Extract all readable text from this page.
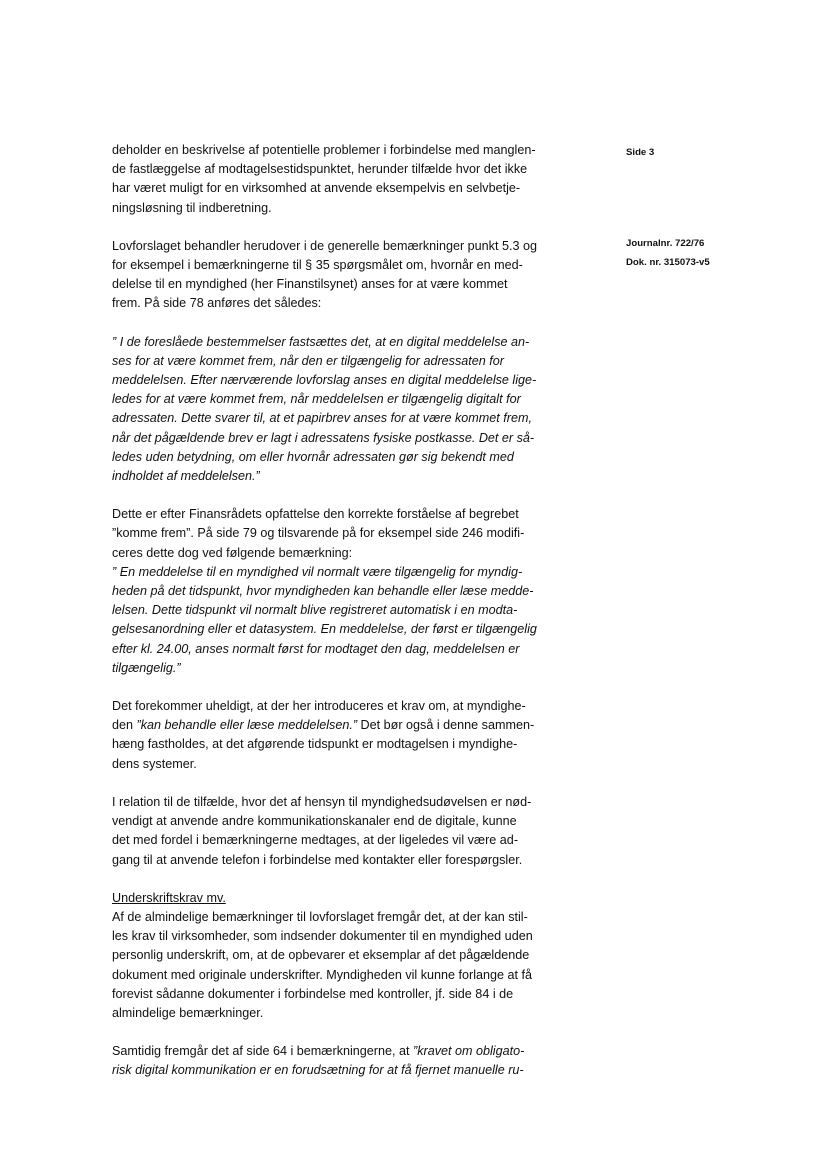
Side 3
Journalnr. 722/76
Dok. nr. 315073-v5

deholder en beskrivelse af potentielle problemer i forbindelse med manglen-
de fastlæggelse af modtagelsestidspunktet, herunder tilfælde hvor det ikke
har været muligt for en virksomhed at anvende eksempelvis en selvbetje-
ningsløsning til indberetning.

Lovforslaget behandler herudover i de generelle bemærkninger punkt 5.3 og
for eksempel i bemærkningerne til § 35 spørgsmålet om, hvornår en med-
delelse til en myndighed (her Finanstilsynet) anses for at være kommet
frem. På side 78 anføres det således:

” I de foreslåede bestemmelser fastsættes det, at en digital meddelelse an-
ses for at være kommet frem, når den er tilgængelig for adressaten for
meddelelsen. Efter nærværende lovforslag anses en digital meddelelse lige-
ledes for at være kommet frem, når meddelelsen er tilgængelig digitalt for
adressaten. Dette svarer til, at et papirbrev anses for at være kommet frem,
når det pågældende brev er lagt i adressatens fysiske postkasse. Det er så-
ledes uden betydning, om eller hvornår adressaten gør sig bekendt med
indholdet af meddelelsen.”

Dette er efter Finansrådets opfattelse den korrekte forståelse af begrebet
”komme frem”. På side 79 og tilsvarende på for eksempel side 246 modifi-
ceres dette dog ved følgende bemærkning:

” En meddelelse til en myndighed vil normalt være tilgængelig for myndig-
heden på det tidspunkt, hvor myndigheden kan behandle eller læse medde-
lelsen. Dette tidspunkt vil normalt blive registreret automatisk i en modta-
gelsesanordning eller et datasystem. En meddelelse, der først er tilgængelig
efter kl. 24.00, anses normalt først for modtaget den dag, meddelelsen er
tilgængelig.”

Det forekommer uheldigt, at der her introduceres et krav om, at myndighe-
den ”kan behandle eller læse meddelelsen.” Det bør også i denne sammen-
hæng fastholdes, at det afgørende tidspunkt er modtagelsen i myndighe-
dens systemer.

I relation til de tilfælde, hvor det af hensyn til myndighedsudøvelsen er nød-
vendigt at anvende andre kommunikationskanaler end de digitale, kunne
det med fordel i bemærkningerne medtages, at der ligeledes vil være ad-
gang til at anvende telefon i forbindelse med kontakter eller forespørgsler.

Underskriftskrav mv.
Af de almindelige bemærkninger til lovforslaget fremgår det, at der kan stil-
les krav til virksomheder, som indsender dokumenter til en myndighed uden
personlig underskrift, om, at de opbevarer et eksemplar af det pågældende
dokument med originale underskrifter. Myndigheden vil kunne forlange at få
forevist sådanne dokumenter i forbindelse med kontroller, jf. side 84 i de
almindelige bemærkninger.

Samtidig fremgår det af side 64 i bemærkningerne, at ”kravet om obligato-
risk digital kommunikation er en forudsætning for at få fjernet manuelle ru-
